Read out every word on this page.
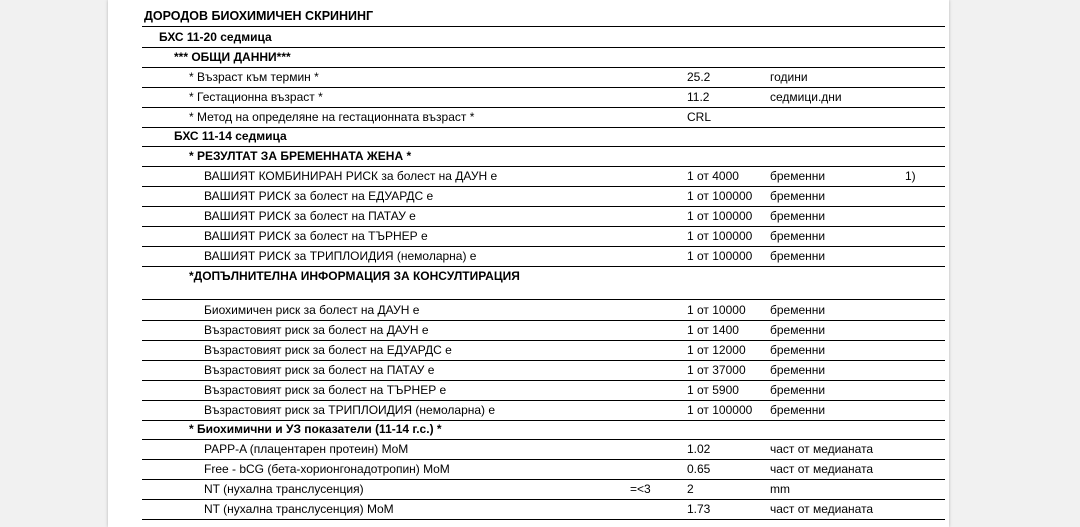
ДОРОДОВ БИОХИМИЧЕН СКРИНИНГ
БХС 11-20 седмица
*** ОБЩИ ДАННИ***
* Възраст към термин *	25.2	години
* Гестационна възраст *	11.2	седмици.дни
* Метод на определяне на гестационната възраст *	CRL
БХС 11-14 седмица
* РЕЗУЛТАТ ЗА БРЕМЕННАТА ЖЕНА *
ВАШИЯТ КОМБИНИРАН РИСК за болест на ДАУН е	1 от 4000	бременни	1)
ВАШИЯТ РИСК за болест на ЕДУАРДС е	1 от 100000 бременни
ВАШИЯТ РИСК за болест на ПАТАУ е	1 от 100000 бременни
ВАШИЯТ РИСК за болест на ТЪРНЕР е	1 от 100000 бременни
ВАШИЯТ РИСК за ТРИПЛОИДИЯ (немоларна) е	1 от 100000 бременни
*ДОПЪЛНИТЕЛНА ИНФОРМАЦИЯ ЗА КОНСУЛТИРАЦИЯ
Биохимичен риск за болест на ДАУН е	1 от 10000 бременни
Възрастовият риск за болест на ДАУН е	1 от 1400	бременни
Възрастовият риск за болест на ЕДУАРДС е	1 от 12000 бременни
Възрастовият риск за болест на ПАТАУ е	1 от 37000 бременни
Възрастовият риск за болест на ТЪРНЕР е	1 от 5900	бременни
Възрастовият риск за ТРИПЛОИДИЯ (немоларна) е	1 от 100000 бременни
* Биохимични и УЗ показатели (11-14 г.с.) *
PAPP-A (плацентарен протеин) MoM	1.02	част от медианата
Free - bCG (бета-хорионгонадотропин) MoM	0.65	част от медианата
NT (нухална транслусенция)	=<3	2	mm
NT (нухална транслусенция) MoM	1.73	част от медианата
